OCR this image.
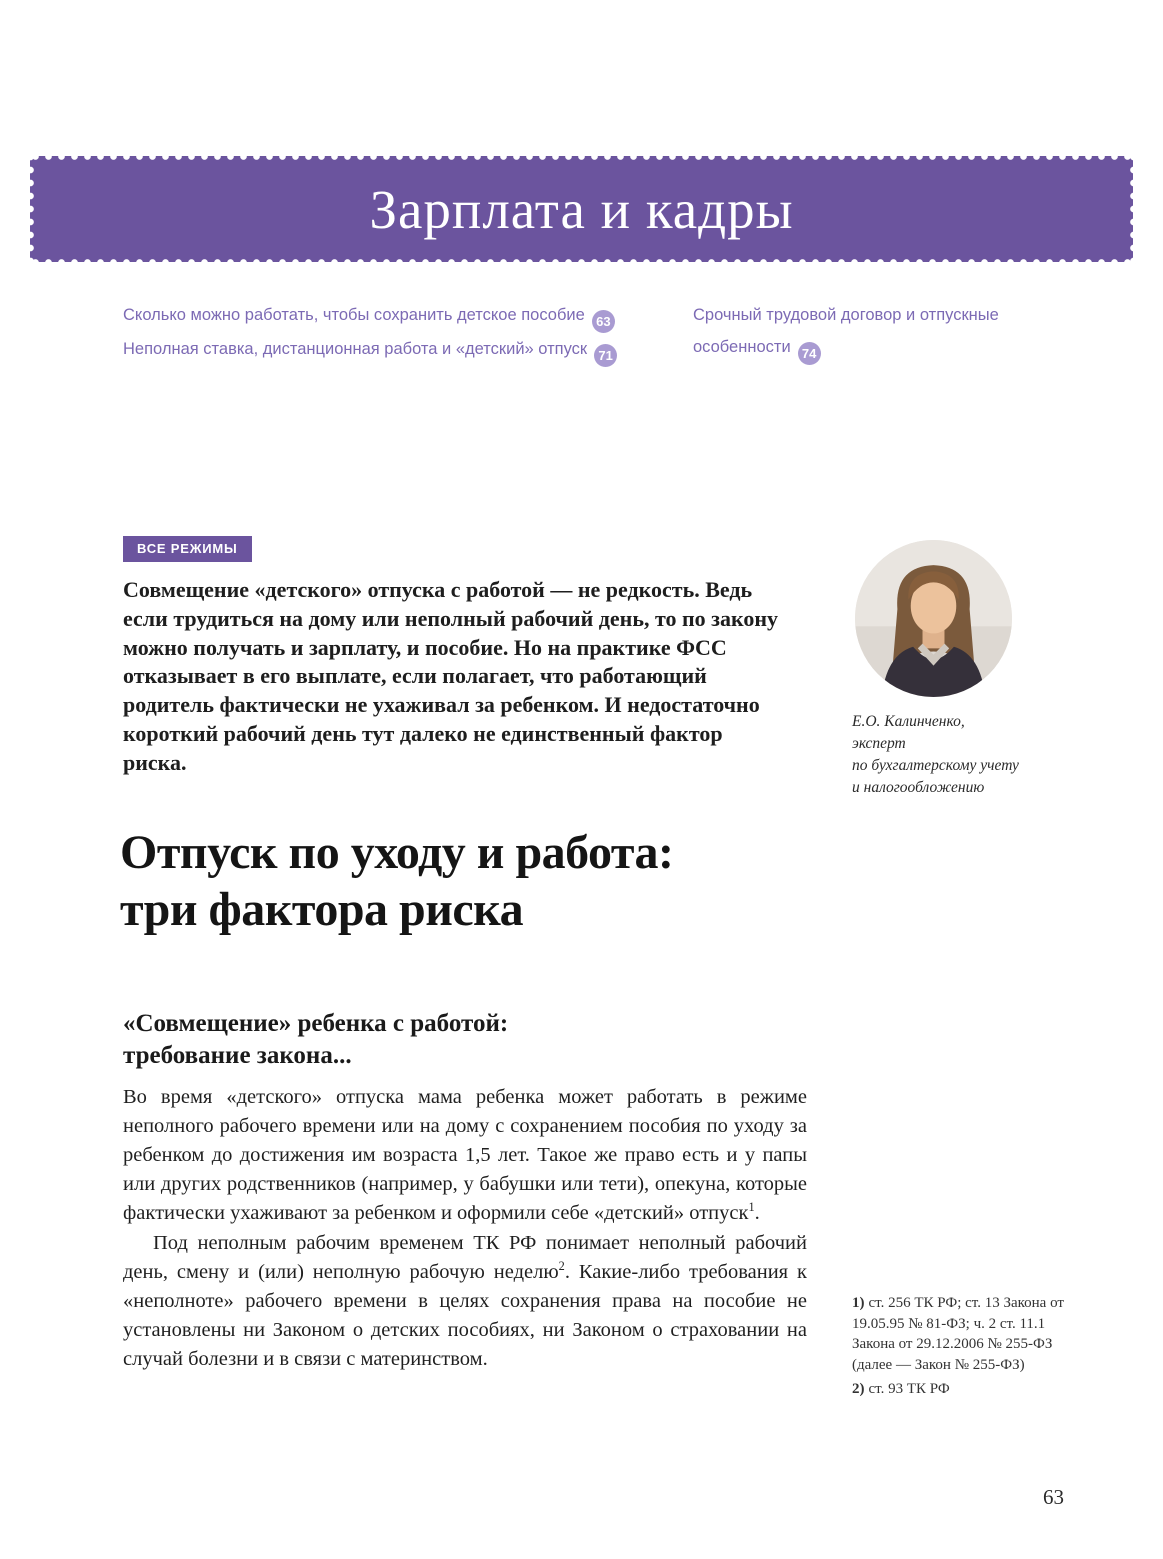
Зарплата и кадры
Сколько можно работать, чтобы сохранить детское пособие 63
Неполная ставка, дистанционная работа и «детский» отпуск 71
Срочный трудовой договор и отпускные особенности 74
ВСЕ РЕЖИМЫ

Совмещение «детского» отпуска с работой — не редкость. Ведь если трудиться на дому или неполный рабочий день, то по закону можно получать и зарплату, и пособие. Но на практике ФСС отказывает в его выплате, если полагает, что работающий родитель фактически не ухаживал за ребенком. И недостаточно короткий рабочий день тут далеко не единственный фактор риска.

Е.О. Калинченко,
эксперт
по бухгалтерскому учету
и налогообложению
Отпуск по уходу и работа:
три фактора риска
«Совмещение» ребенка с работой:
требование закона...

Во время «детского» отпуска мама ребенка может работать в режиме неполного рабочего времени или на дому с сохранением пособия по уходу за ребенком до достижения им возраста 1,5 лет. Такое же право есть и у папы или других родственников (например, у бабушки или тети), опекуна, которые фактически ухаживают за ребенком и оформили себе «детский» отпуск$^1$.

Под неполным рабочим временем ТК РФ понимает неполный рабочий день, смену и (или) неполную рабочую неделю$^2$. Какие-либо требования к «неполноте» рабочего времени в целях сохранения права на пособие не установлены ни Законом о детских пособиях, ни Законом о страховании на случай болезни и в связи с материнством.

1) ст. 256 ТК РФ; ст. 13 Закона от 19.05.95 № 81-ФЗ; ч. 2 ст. 11.1 Закона от 29.12.2006 № 255-ФЗ (далее — Закон № 255-ФЗ)

2) ст. 93 ТК РФ

63
